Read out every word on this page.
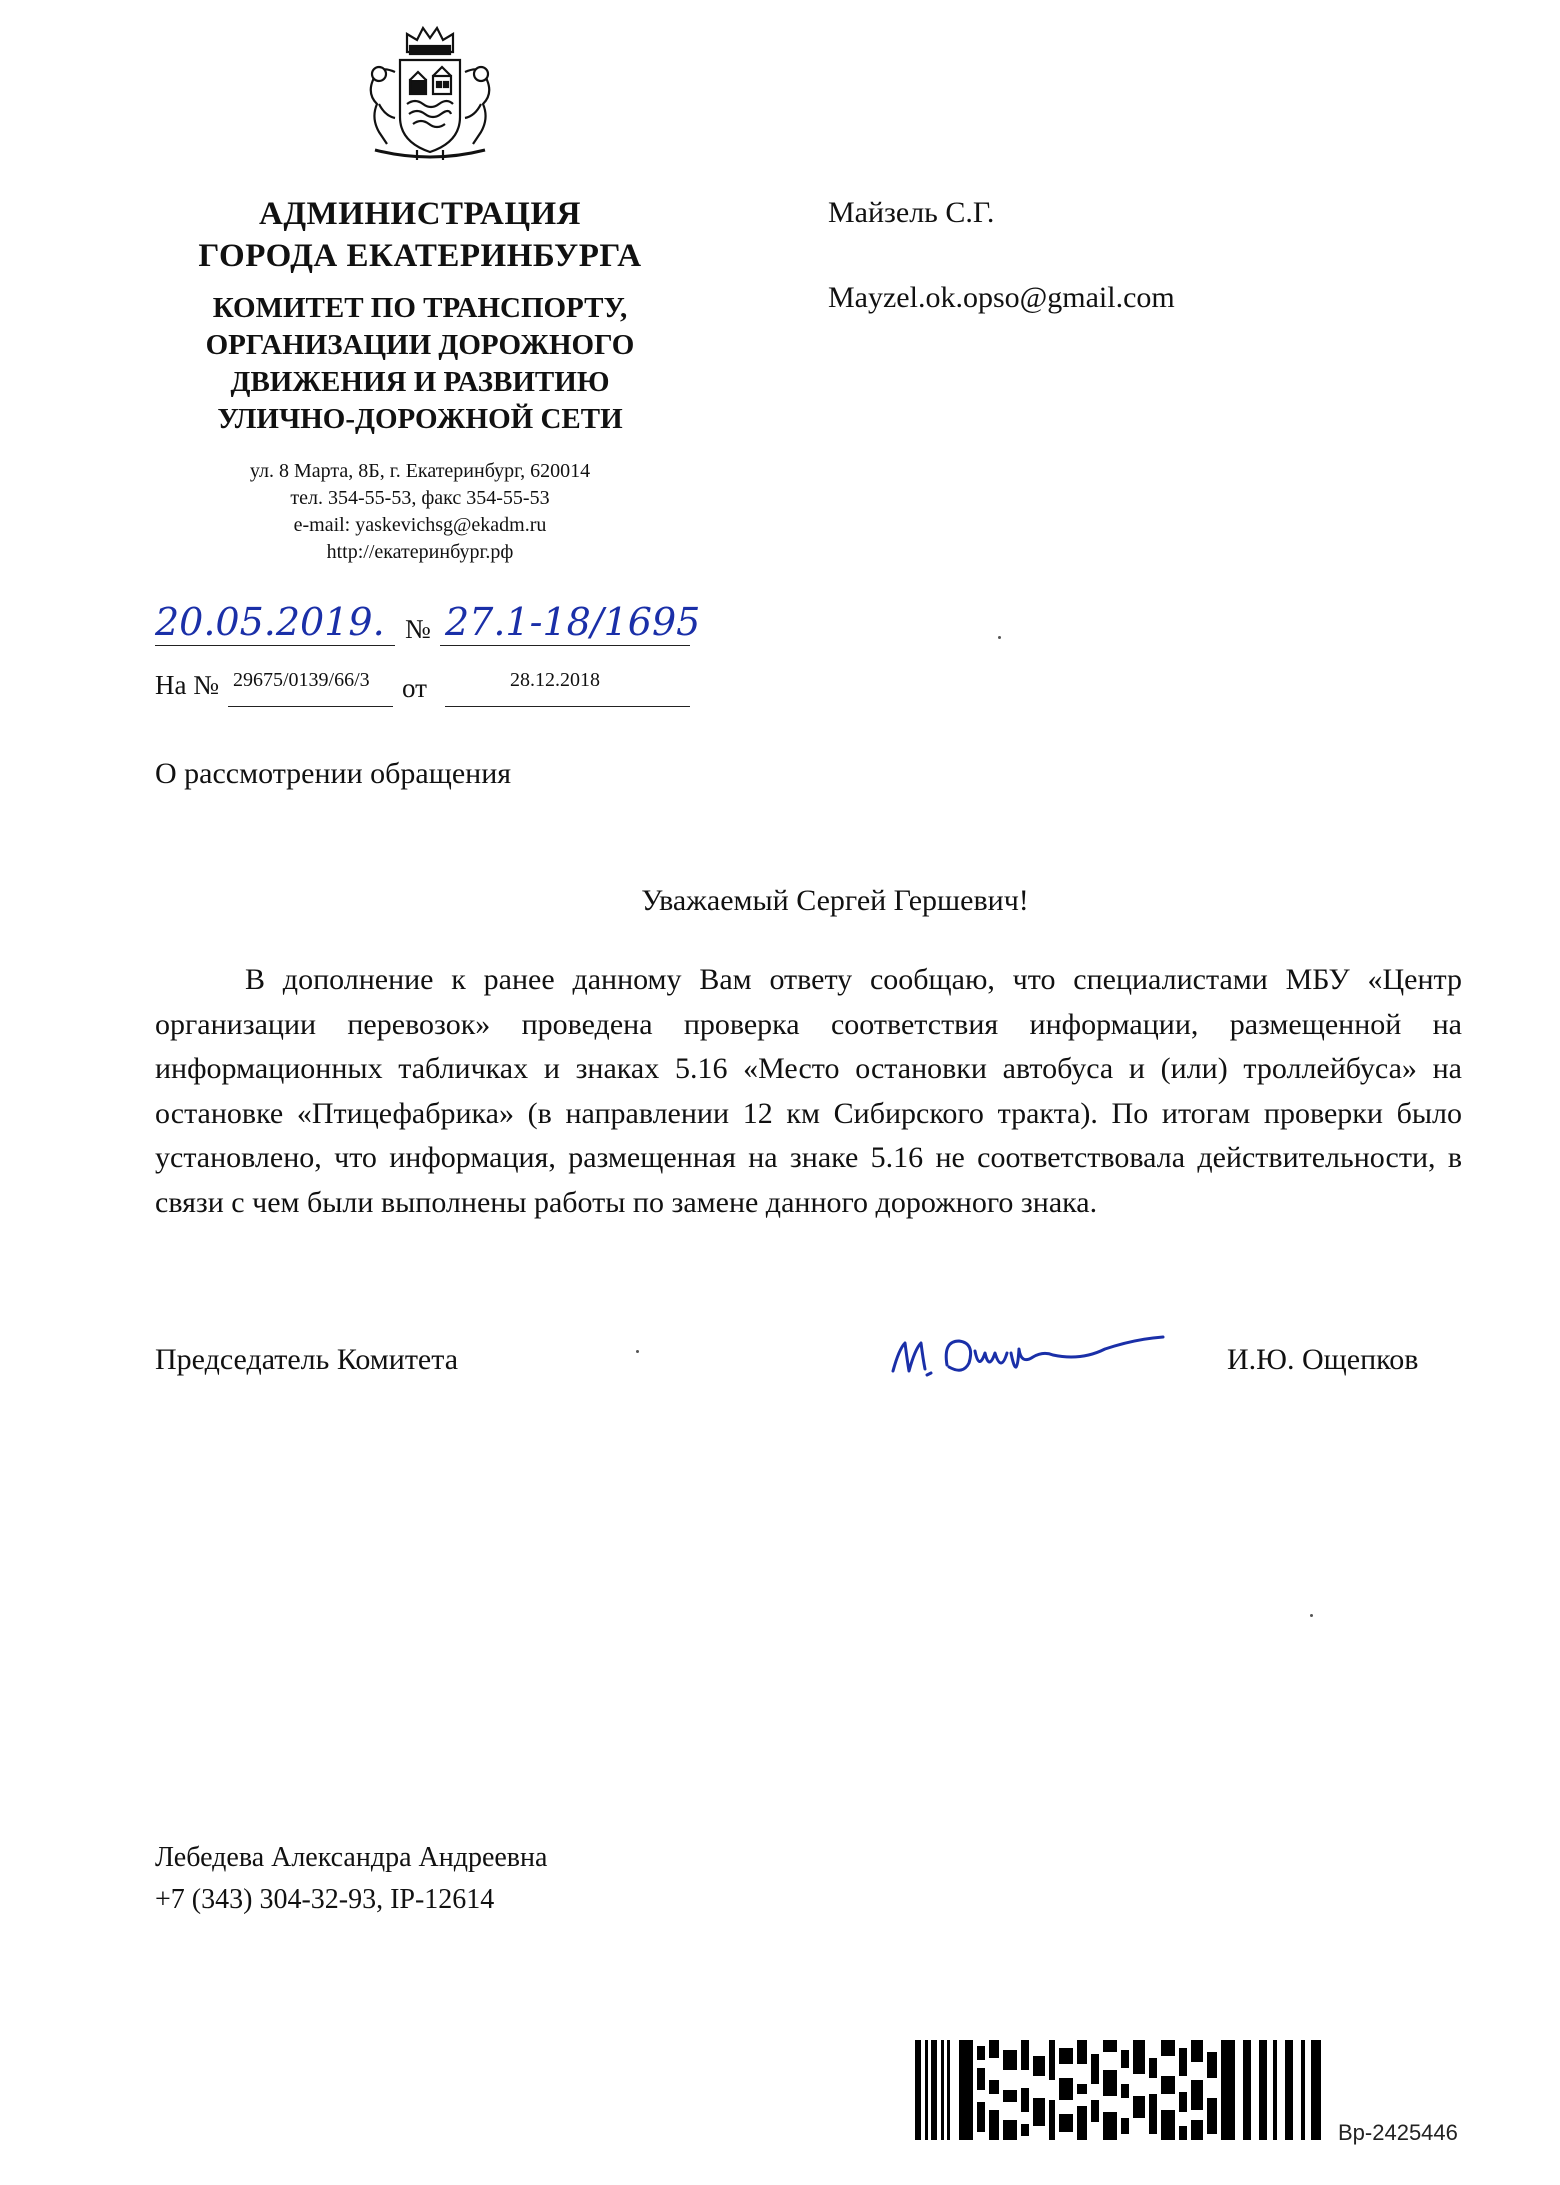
АДМИНИСТРАЦИЯ
ГОРОДА ЕКАТЕРИНБУРГА
КОМИТЕТ ПО ТРАНСПОРТУ,
ОРГАНИЗАЦИИ ДОРОЖНОГО
ДВИЖЕНИЯ И РАЗВИТИЮ
УЛИЧНО-ДОРОЖНОЙ СЕТИ
ул. 8 Марта, 8Б, г. Екатеринбург, 620014
тел. 354-55-53, факс 354-55-53
e-mail: yaskevichsg@ekadm.ru
http://екатеринбург.рф
Майзель С.Г.
Mayzel.ok.opso@gmail.com
20.05.2019. № 27.1-18/1695
На № 29675/0139/66/3 от	28.12.2018
О рассмотрении обращения
Уважаемый Сергей Гершевич!
В дополнение к ранее данному Вам ответу сообщаю, что специалистами МБУ «Центр организации перевозок» проведена проверка соответствия информации, размещенной на информационных табличках и знаках 5.16 «Место остановки автобуса и (или) троллейбуса» на остановке «Птицефабрика» (в направлении 12 км Сибирского тракта). По итогам проверки было установлено, что информация, размещенная на знаке 5.16 не соответствовала действительности, в связи с чем были выполнены работы по замене данного дорожного знака.
Председатель Комитета	И.Ю. Ощепков
Лебедева Александра Андреевна
+7 (343) 304-32-93, IP-12614
Вр-2425446
